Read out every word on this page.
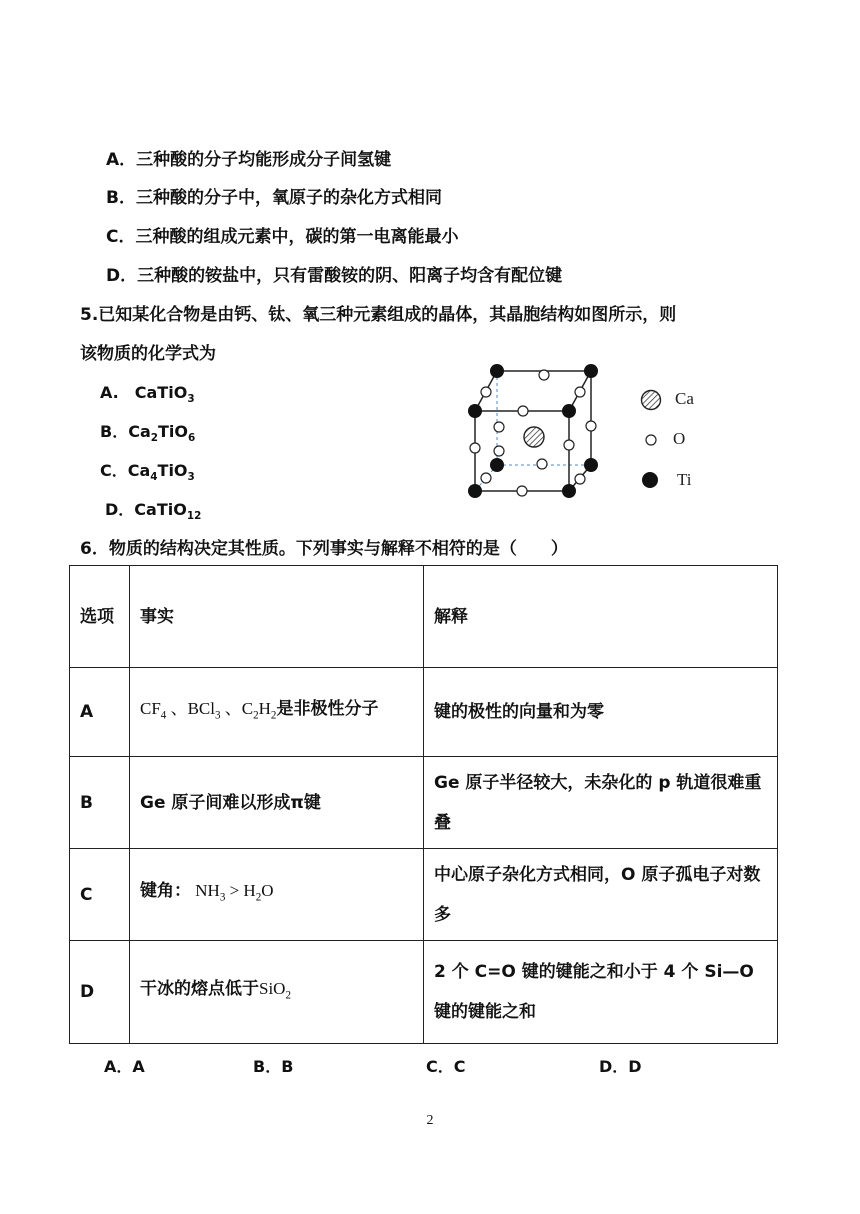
A．三种酸的分子均能形成分子间氢键
B．三种酸的分子中，氧原子的杂化方式相同
C．三种酸的组成元素中，碳的第一电离能最小
D．三种酸的铵盐中，只有雷酸铵的阴、阳离子均含有配位键
5.已知某化合物是由钙、钛、氧三种元素组成的晶体，其晶胞结构如图所示，则
该物质的化学式为
A.　CaTiO$_3$
B．$Ca_2TiO_6$
C．$Ca_4TiO_3$
D．CaTiO$_{12}$
Ca
O
Ti
6．物质的结构决定其性质。下列事实与解释不相符的是（　　）
选项	事实	解释
A	$CF_4$ 、BCl$_3$ 、$C_2H_2$是非极性分子	键的极性的向量和为零
B	Ge 原子间难以形成π键	Ge 原子半径较大，未杂化的 p 轨道很难重叠
C	键角： $NH_3 > H_2O$	中心原子杂化方式相同，O 原子孤电子对数多
D	干冰的熔点低于SiO$_2$	2 个 C=O 键的键能之和小于 4 个 Si—O 键的键能之和
A．A	B．B	C．C	D．D
2
